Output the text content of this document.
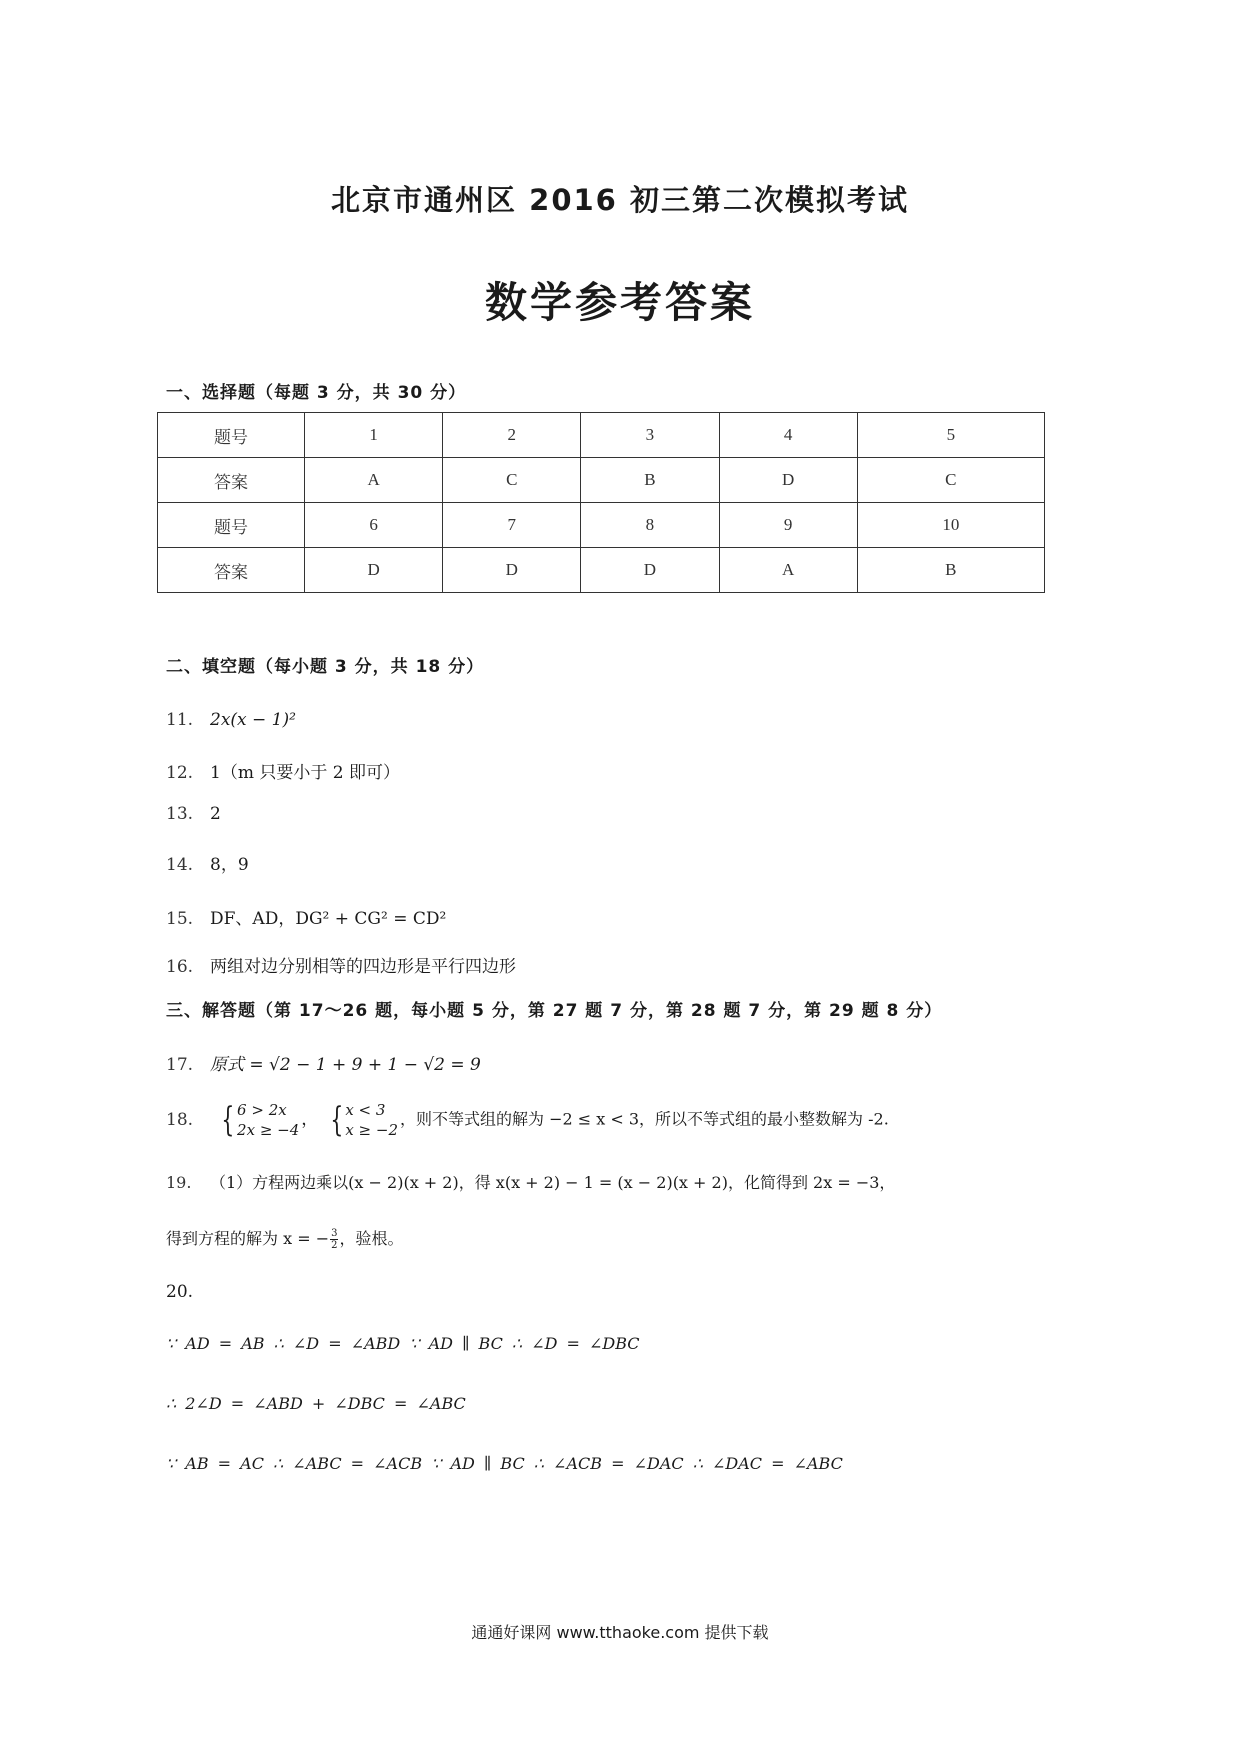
北京市通州区 2016 初三第二次模拟考试
数学参考答案
一、选择题（每题 3 分，共 30 分）
题号	1	2	3	4	5
答案	A	C	B	D	C
题号	6	7	8	9	10
答案	D	D	D	A	B
二、填空题（每小题 3 分，共 18 分）
11. 2x(x − 1)²
12. 1（m 只要小于 2 即可）
13. 2
14. 8，9
15. DF、AD，DG² + CG² = CD²
16. 两组对边分别相等的四边形是平行四边形
三、解答题（第 17～26 题，每小题 5 分，第 27 题 7 分，第 28 题 7 分，第 29 题 8 分）
17. 原式 = √2 − 1 + 9 + 1 − √2 = 9
18. { 6 > 2x
2x ≥ −4
， { x < 3
x ≥ −2
，则不等式组的解为 −2 ≤ x < 3，所以不等式组的最小整数解为 -2.
19. （1）方程两边乘以(x − 2)(x + 2)，得 x(x + 2) − 1 = (x − 2)(x + 2)，化简得到 2x = −3，
得到方程的解为 x = − $\frac{3}{2}$ ，验根。
20.
∵ AD = AB ∴ ∠D = ∠ABD ∵ AD ∥ BC ∴ ∠D = ∠DBC
∴ 2∠D = ∠ABD + ∠DBC = ∠ABC
∵ AB = AC ∴ ∠ABC = ∠ACB ∵ AD ∥ BC ∴ ∠ACB = ∠DAC ∴ ∠DAC = ∠ABC
通通好课网 www.tthaoke.com 提供下载
